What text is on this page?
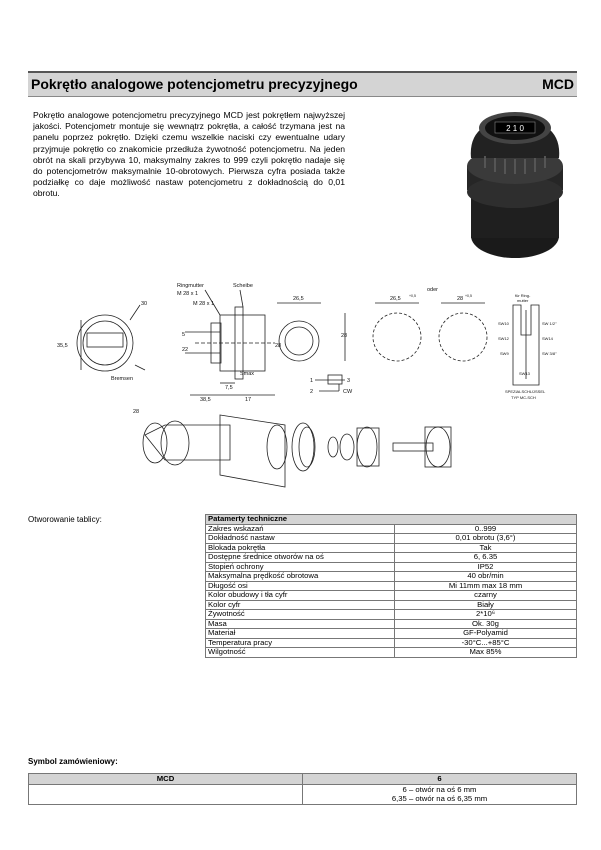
Pokrętło analogowe potencjometru precyzyjnego	MCD
Pokrętło analogowe potencjometru precyzyjnego MCD jest pokrętłem najwyższej jakości. Potencjometr montuje się wewnątrz pokrętła, a całość trzymana jest na panelu poprzez pokrętło. Dzięki czemu wszelkie naciski czy ewentualne udary przyjmuje pokrętło co znakomicie przedłuża żywotność potencjometru. Na jeden obrót na skali przybywa 10, maksymalny zakres to 999 czyli pokrętło nadaje się do potencjometrów maksymalnie 10-obrotowych. Pierwsza cyfra posiada także podziałkę co daje możliwość nastaw potencjometru z dokładnością do 0,01 obrotu.
2 1 0
Ringmutter
M 28 x 1
Scheibe
M 28 x 1
26,5
oder
26,5 +0,5	28 +0,5
28
28
35,5
22
5
Smax
7,5
38,5	17
1
2
3
CW
Bremsen
30
28
für Ring-
mutter
SW10
SW12
SW9
SW 1/2"
SW14
SW 3/8"
SW13
SPEZIALSCHLÜSSEL
TYP MC-SCH
Otworowanie tablicy:	Patamerty techniczne	
Zakres wskazań	0..999
Dokładność nastaw	0,01 obrotu (3,6°)
Blokada pokrętła	Tak
Dostępne średnice otworów na oś	6, 6.35
Stopień ochrony	IP52
Maksymalna prędkość obrotowa	40 obr/min
Długość osi	Mi 11mm max 18 mm
Kolor obudowy i tła cyfr	czarny
Kolor cyfr	Biały
Żywotność	2*10⁶
Masa	Ok. 30g
Materiał	GF-Polyamid
Temperatura pracy	-30°C...+85°C
Wilgotność	Max 85%
Symbol zamówieniowy:
MCD	6

	6 – otwór na oś 6 mm
6,35 – otwór na oś 6,35 mm
